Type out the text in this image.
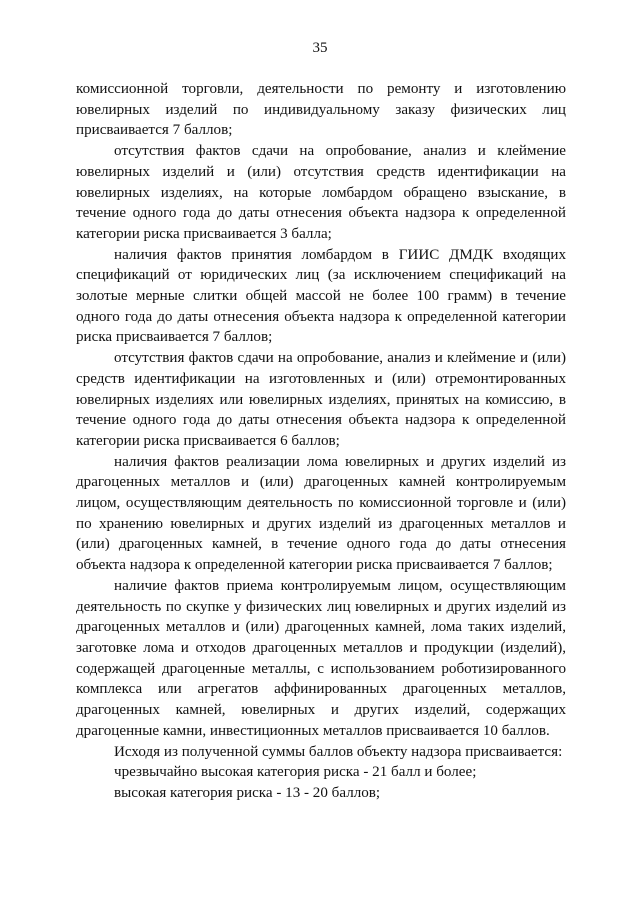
35

комиссионной торговли, деятельности по ремонту и изготовлению ювелирных изделий по индивидуальному заказу физических лиц присваивается 7 баллов;

отсутствия фактов сдачи на опробование, анализ и клеймение ювелирных изделий и (или) отсутствия средств идентификации на ювелирных изделиях, на которые ломбардом обращено взыскание, в течение одного года до даты отнесения объекта надзора к определенной категории риска присваивается 3 балла;

наличия фактов принятия ломбардом в ГИИС ДМДК входящих спецификаций от юридических лиц (за исключением спецификаций на золотые мерные слитки общей массой не более 100 грамм) в течение одного года до даты отнесения объекта надзора к определенной категории риска присваивается 7 баллов;

отсутствия фактов сдачи на опробование, анализ и клеймение и (или) средств идентификации на изготовленных и (или) отремонтированных ювелирных изделиях или ювелирных изделиях, принятых на комиссию, в течение одного года до даты отнесения объекта надзора к определенной категории риска присваивается 6 баллов;

наличия фактов реализации лома ювелирных и других изделий из драгоценных металлов и (или) драгоценных камней контролируемым лицом, осуществляющим деятельность по комиссионной торговле и (или) по хранению ювелирных и других изделий из драгоценных металлов и (или) драгоценных камней, в течение одного года до даты отнесения объекта надзора к определенной категории риска присваивается 7 баллов;

наличие фактов приема контролируемым лицом, осуществляющим деятельность по скупке у физических лиц ювелирных и других изделий из драгоценных металлов и (или) драгоценных камней, лома таких изделий, заготовке лома и отходов драгоценных металлов и продукции (изделий), содержащей драгоценные металлы, с использованием роботизированного комплекса или агрегатов аффинированных драгоценных металлов, драгоценных камней, ювелирных и других изделий, содержащих драгоценные камни, инвестиционных металлов присваивается 10 баллов.

Исходя из полученной суммы баллов объекту надзора присваивается:

чрезвычайно высокая категория риска - 21 балл и более;

высокая категория риска - 13 - 20 баллов;
